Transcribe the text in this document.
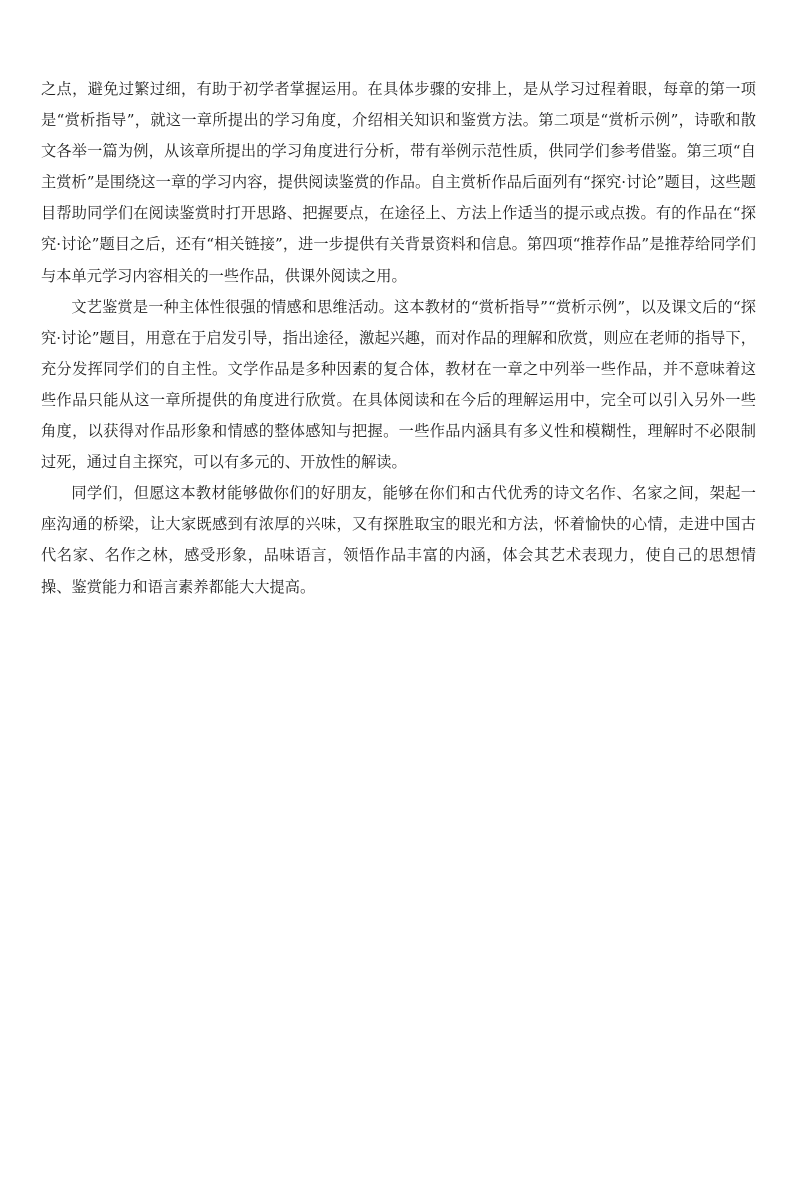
之点，避免过繁过细，有助于初学者掌握运用。在具体步骤的安排上，是从学习过程着眼，每章的第一项是“赏析指导”，就这一章所提出的学习角度，介绍相关知识和鉴赏方法。第二项是“赏析示例”，诗歌和散文各举一篇为例，从该章所提出的学习角度进行分析，带有举例示范性质，供同学们参考借鉴。第三项“自主赏析”是围绕这一章的学习内容，提供阅读鉴赏的作品。自主赏析作品后面列有“探究·讨论”题目，这些题目帮助同学们在阅读鉴赏时打开思路、把握要点，在途径上、方法上作适当的提示或点拨。有的作品在“探究·讨论”题目之后，还有“相关链接”，进一步提供有关背景资料和信息。第四项“推荐作品”是推荐给同学们与本单元学习内容相关的一些作品，供课外阅读之用。

文艺鉴赏是一种主体性很强的情感和思维活动。这本教材的“赏析指导”“赏析示例”，以及课文后的“探究·讨论”题目，用意在于启发引导，指出途径，激起兴趣，而对作品的理解和欣赏，则应在老师的指导下，充分发挥同学们的自主性。文学作品是多种因素的复合体，教材在一章之中列举一些作品，并不意味着这些作品只能从这一章所提供的角度进行欣赏。在具体阅读和在今后的理解运用中，完全可以引入另外一些角度，以获得对作品形象和情感的整体感知与把握。一些作品内涵具有多义性和模糊性，理解时不必限制过死，通过自主探究，可以有多元的、开放性的解读。

同学们，但愿这本教材能够做你们的好朋友，能够在你们和古代优秀的诗文名作、名家之间，架起一座沟通的桥梁，让大家既感到有浓厚的兴味，又有探胜取宝的眼光和方法，怀着愉快的心情，走进中国古代名家、名作之林，感受形象，品味语言，领悟作品丰富的内涵，体会其艺术表现力，使自己的思想情操、鉴赏能力和语言素养都能大大提高。
